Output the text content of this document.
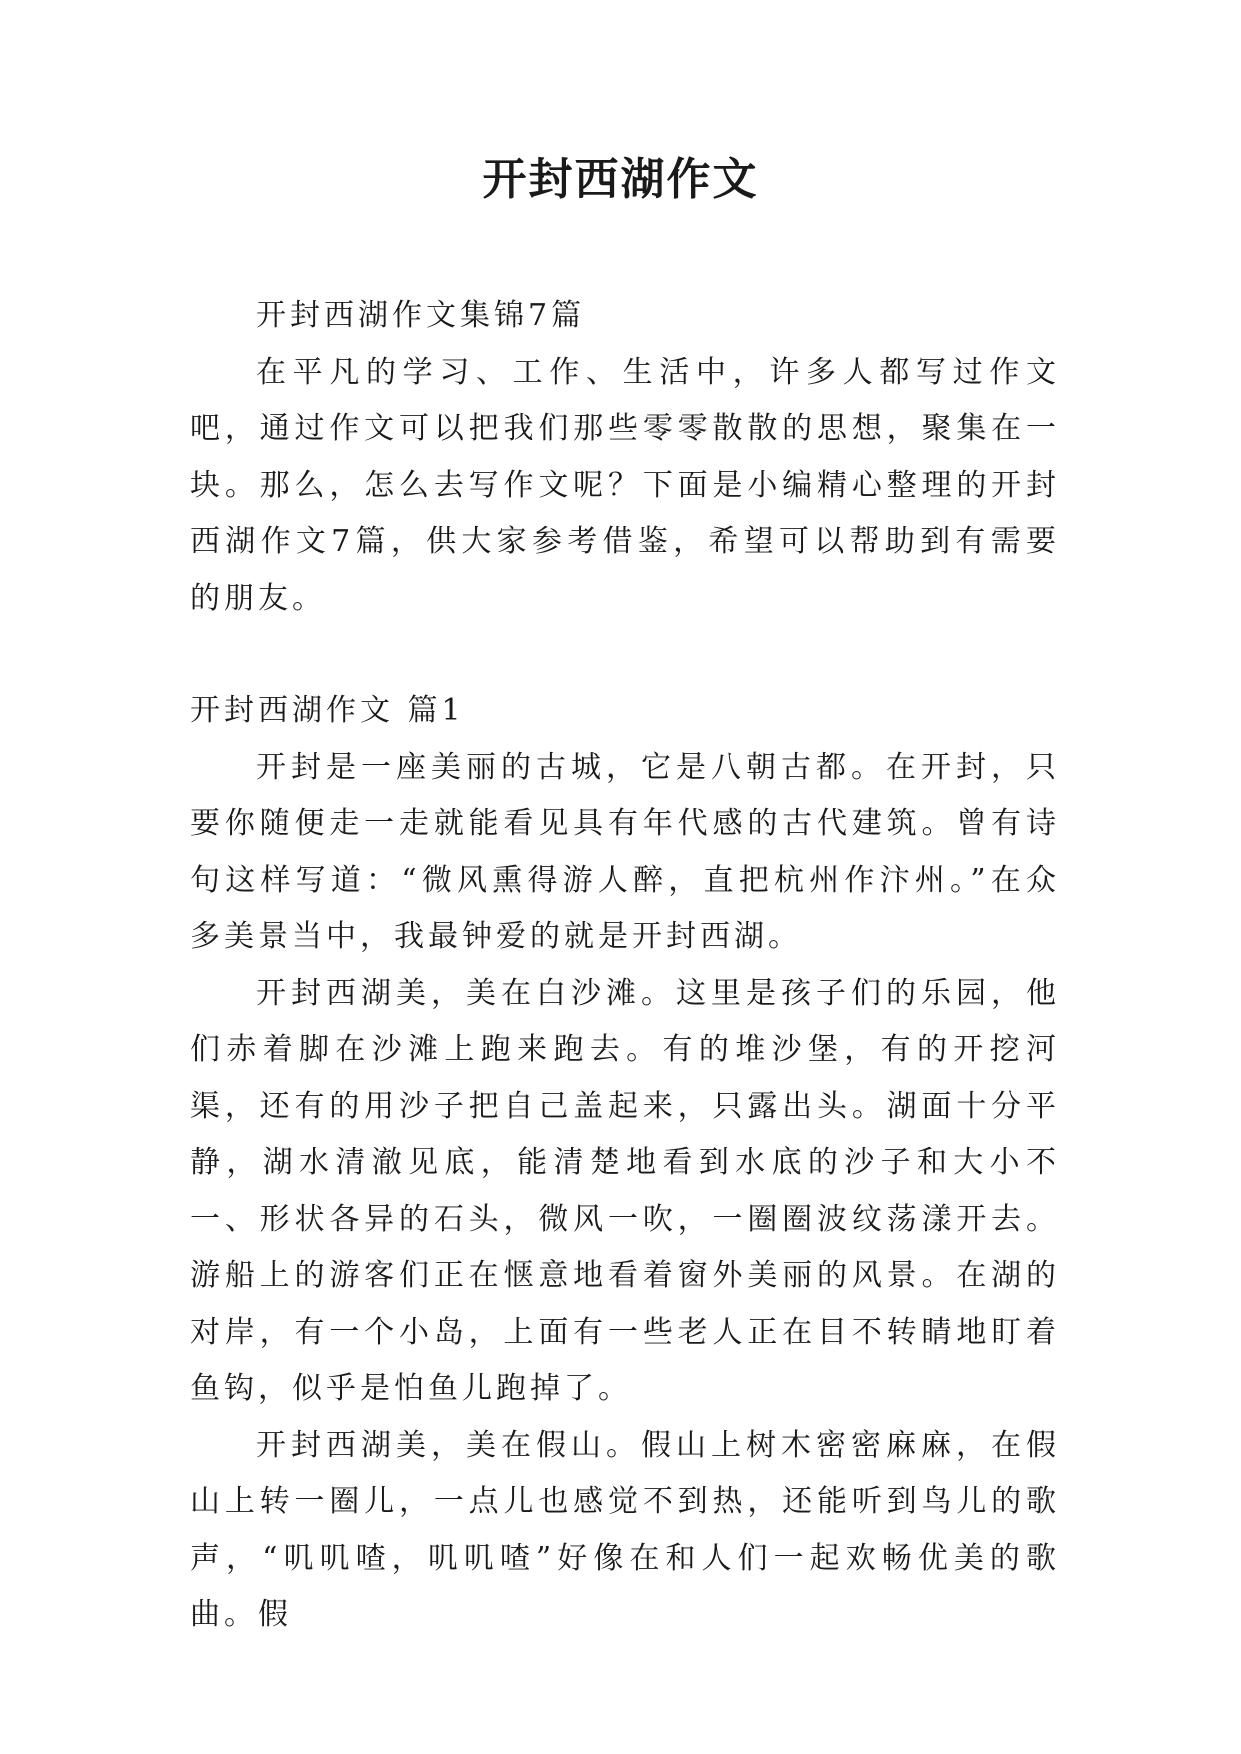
开封西湖作文

开封西湖作文集锦7篇

在平凡的学习、工作、生活中，许多人都写过作文吧，通过作文可以把我们那些零零散散的思想，聚集在一块。那么，怎么去写作文呢？下面是小编精心整理的开封西湖作文7篇，供大家参考借鉴，希望可以帮助到有需要的朋友。

开封西湖作文 篇1

开封是一座美丽的古城，它是八朝古都。在开封，只要你随便走一走就能看见具有年代感的古代建筑。曾有诗句这样写道：“微风熏得游人醉，直把杭州作汴州。”在众多美景当中，我最钟爱的就是开封西湖。

开封西湖美，美在白沙滩。这里是孩子们的乐园，他们赤着脚在沙滩上跑来跑去。有的堆沙堡，有的开挖河渠，还有的用沙子把自己盖起来，只露出头。湖面十分平静，湖水清澈见底，能清楚地看到水底的沙子和大小不一、形状各异的石头，微风一吹，一圈圈波纹荡漾开去。游船上的游客们正在惬意地看着窗外美丽的风景。在湖的对岸，有一个小岛，上面有一些老人正在目不转睛地盯着鱼钩，似乎是怕鱼儿跑掉了。

开封西湖美，美在假山。假山上树木密密麻麻，在假山上转一圈儿，一点儿也感觉不到热，还能听到鸟儿的歌声，“叽叽喳，叽叽喳”好像在和人们一起欢畅优美的歌曲。假
